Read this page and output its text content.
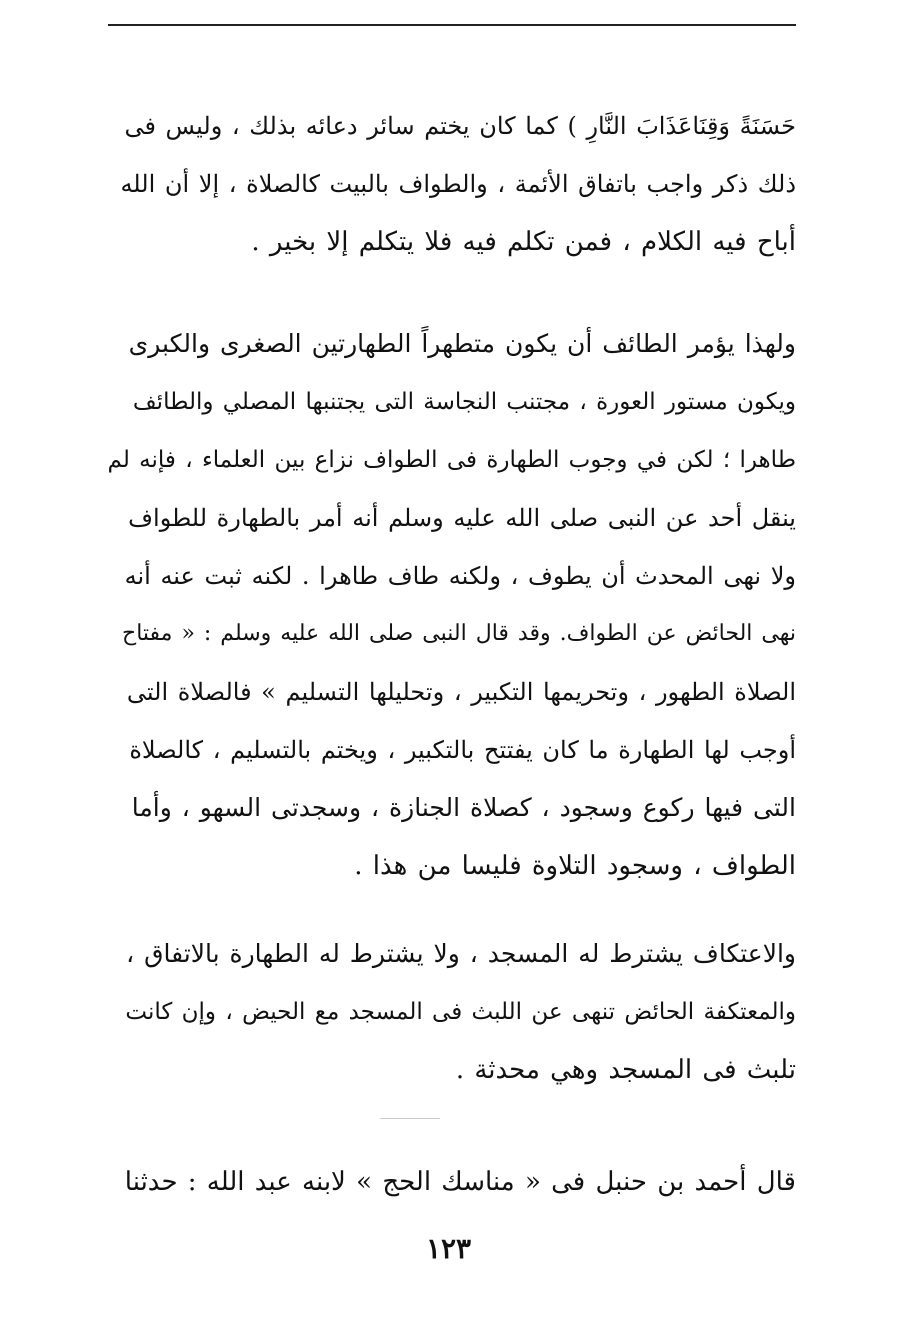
حَسَنَةً وَقِنَاعَذَابَ النَّارِ ) كما كان يختم سائر دعائه بذلك ، وليس فى
ذلك ذكر واجب باتفاق الأئمة ، والطواف بالبيت كالصلاة ، إلا أن الله
أباح فيه الكلام ، فمن تكلم فيه فلا يتكلم إلا بخير .
ولهذا يؤمر الطائف أن يكون متطهراً الطهارتين الصغرى والكبرى
ويكون مستور العورة ، مجتنب النجاسة التى يجتنبها المصلي والطائف
طاهرا ؛ لكن في وجوب الطهارة فى الطواف نزاع بين العلماء ، فإنه لم
ينقل أحد عن النبى صلى الله عليه وسلم أنه أمر بالطهارة للطواف
ولا نهى المحدث أن يطوف ، ولكنه طاف طاهرا . لكنه ثبت عنه أنه
نهى الحائض عن الطواف. وقد قال النبى صلى الله عليه وسلم : « مفتاح
الصلاة الطهور ، وتحريمها التكبير ، وتحليلها التسليم » فالصلاة التى
أوجب لها الطهارة ما كان يفتتح بالتكبير ، ويختم بالتسليم ، كالصلاة
التى فيها ركوع وسجود ، كصلاة الجنازة ، وسجدتى السهو ، وأما
الطواف ، وسجود التلاوة فليسا من هذا .
والاعتكاف يشترط له المسجد ، ولا يشترط له الطهارة بالاتفاق ،
والمعتكفة الحائض تنهى عن اللبث فى المسجد مع الحيض ، وإن كانت
تلبث فى المسجد وهي محدثة .
قال أحمد بن حنبل فى « مناسك الحج » لابنه عبد الله : حدثنا
١٢٣
